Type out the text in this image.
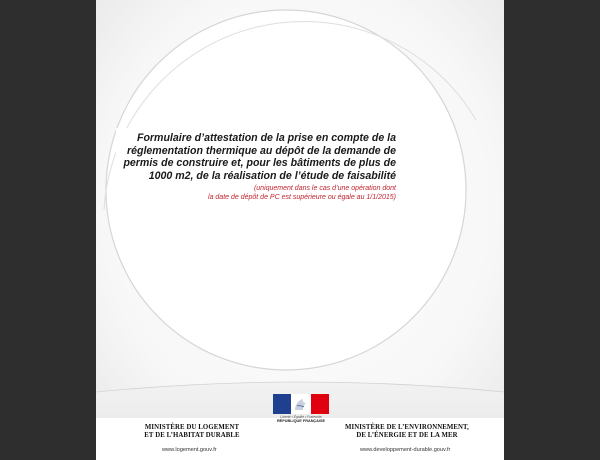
Formulaire d’attestation de la prise en compte de la
réglementation thermique au dépôt de la demande de
permis de construire et, pour les bâtiments de plus de
1000 m2, de la réalisation de l’étude de faisabilité

(uniquement dans le cas d’une opération dont
la date de dépôt de PC est supérieure ou égale au 1/1/2015)

Liberté • Égalité • Fraternité
RÉPUBLIQUE FRANÇAISE
MINISTÈRE DU LOGEMENT
ET DE L’HABITAT DURABLE
MINISTÈRE DE L’ENVIRONNEMENT,
DE L’ÉNERGIE ET DE LA MER
www.logement.gouv.fr	www.developpement-durable.gouv.fr
